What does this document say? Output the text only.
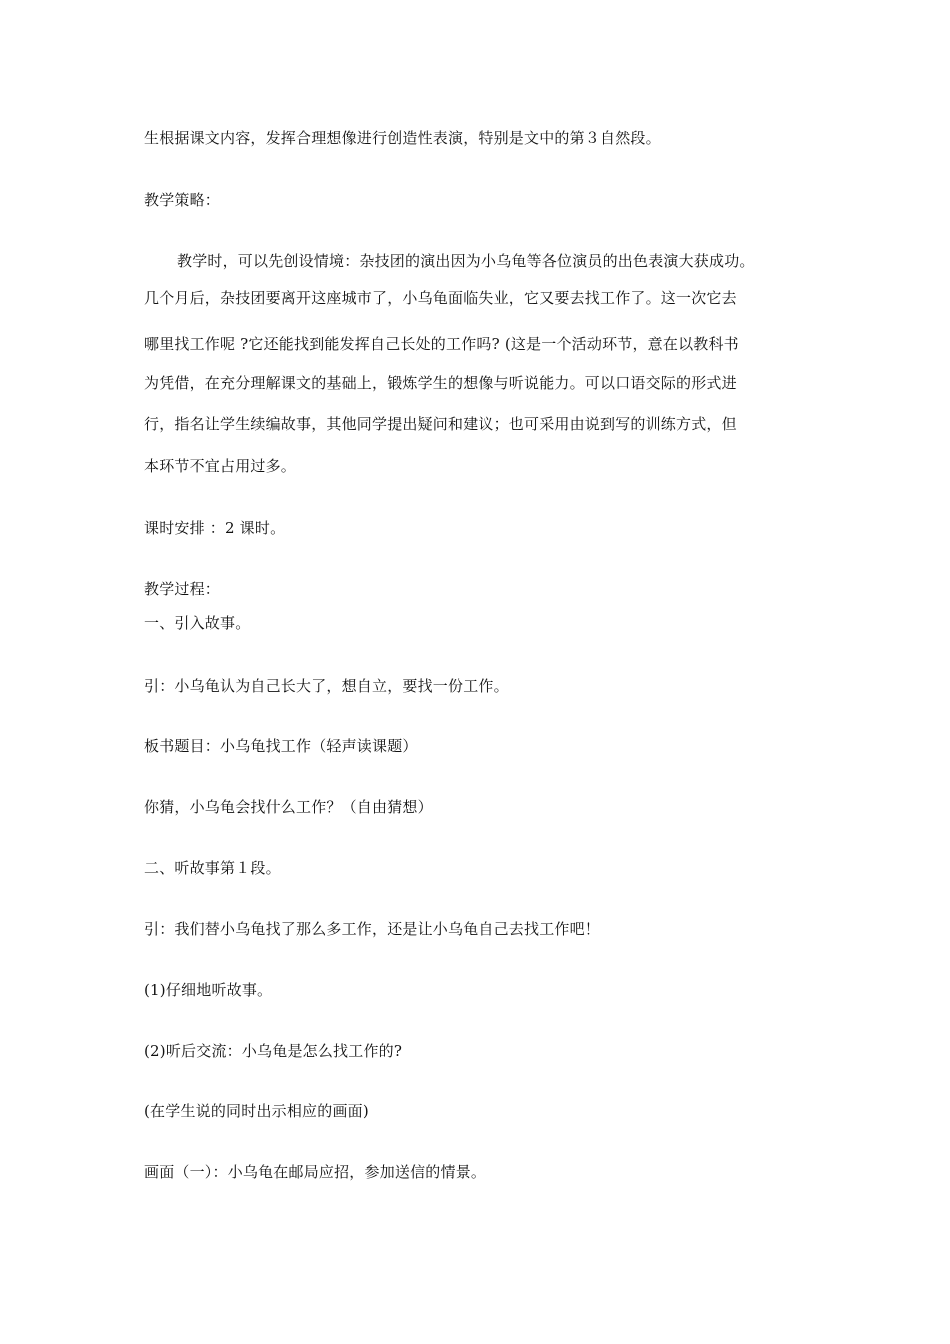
生根据课文内容，发挥合理想像进行创造性表演，特别是文中的第３自然段。
教学策略：
教学时，可以先创设情境：杂技团的演出因为小乌龟等各位演员的出色表演大获成功。
几个月后，杂技团要离开这座城市了，小乌龟面临失业，它又要去找工作了。这一次它去
哪里找工作呢 ?它还能找到能发挥自己长处的工作吗? (这是一个活动环节，意在以教科书
为凭借，在充分理解课文的基础上，锻炼学生的想像与听说能力。可以口语交际的形式进
行，指名让学生续编故事，其他同学提出疑问和建议；也可采用由说到写的训练方式，但
本环节不宜占用过多。
课时安排 ：2 课时。
教学过程：
一、引入故事。
引：小乌龟认为自己长大了，想自立，要找一份工作。
板书题目：小乌龟找工作（轻声读课题）
你猜，小乌龟会找什么工作？（自由猜想）
二、听故事第１段。
引：我们替小乌龟找了那么多工作，还是让小乌龟自己去找工作吧！
(1)仔细地听故事。
(2)听后交流：小乌龟是怎么找工作的?
(在学生说的同时出示相应的画面)
画面（一）：小乌龟在邮局应招，参加送信的情景。
